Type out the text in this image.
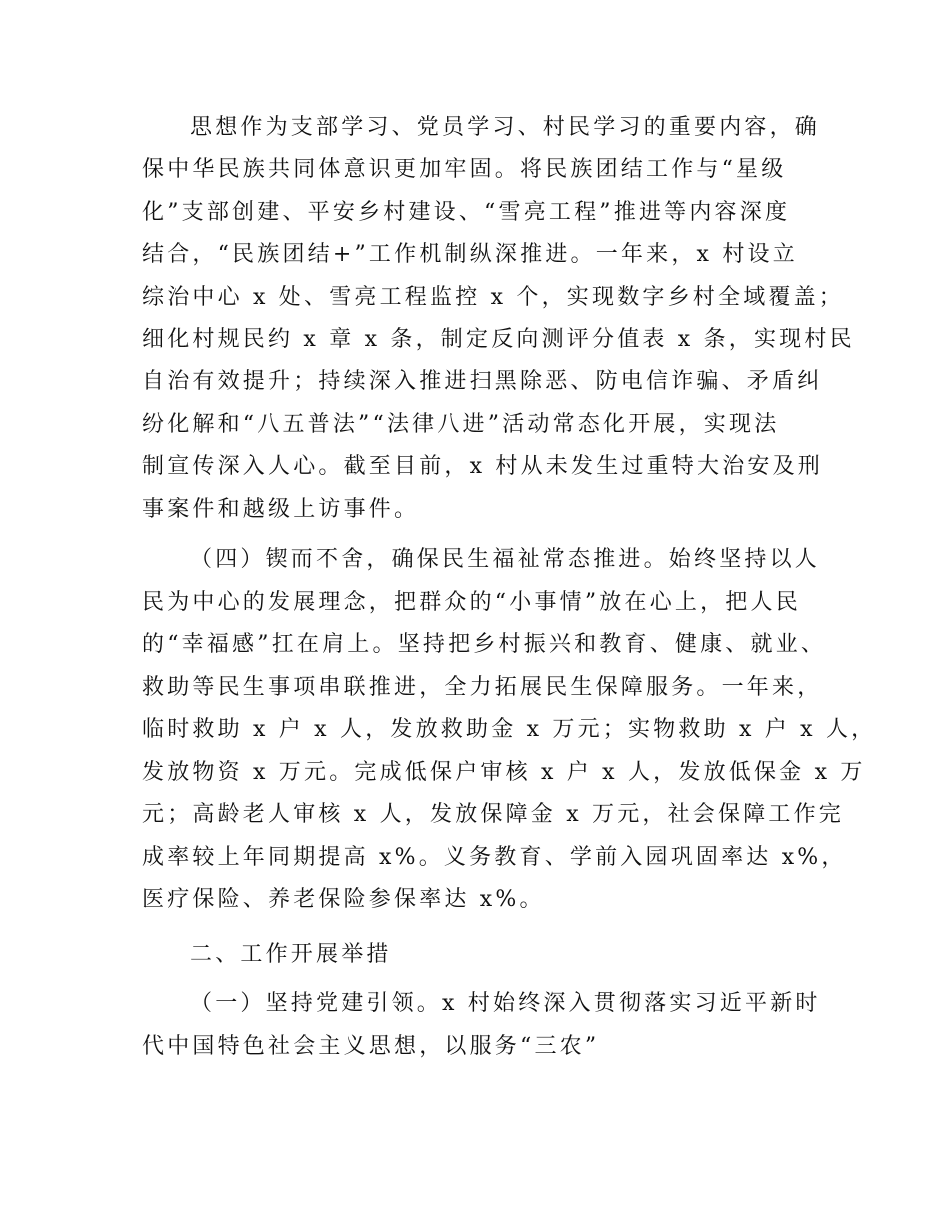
思想作为支部学习、党员学习、村民学习的重要内容，确

保中华民族共同体意识更加牢固。将民族团结工作与“星级

化”支部创建、平安乡村建设、“雪亮工程”推进等内容深度

结合，“民族团结+”工作机制纵深推进。一年来，x 村设立

综治中心 x 处、雪亮工程监控 x 个，实现数字乡村全域覆盖；

细化村规民约 x 章 x 条，制定反向测评分值表 x 条，实现村民

自治有效提升；持续深入推进扫黑除恶、防电信诈骗、矛盾纠

纷化解和“八五普法”“法律八进”活动常态化开展，实现法

制宣传深入人心。截至目前，x 村从未发生过重特大治安及刑

事案件和越级上访事件。

（四）锲而不舍，确保民生福祉常态推进。始终坚持以人

民为中心的发展理念，把群众的“小事情”放在心上，把人民

的“幸福感”扛在肩上。坚持把乡村振兴和教育、健康、就业、

救助等民生事项串联推进，全力拓展民生保障服务。一年来，

临时救助 x 户 x 人，发放救助金 x 万元；实物救助 x 户 x 人，

发放物资 x 万元。完成低保户审核 x 户 x 人，发放低保金 x 万

元；高龄老人审核 x 人，发放保障金 x 万元，社会保障工作完

成率较上年同期提高 x%。义务教育、学前入园巩固率达 x%，

医疗保险、养老保险参保率达 x%。

二、工作开展举措

（一）坚持党建引领。x 村始终深入贯彻落实习近平新时

代中国特色社会主义思想，以服务“三农”
